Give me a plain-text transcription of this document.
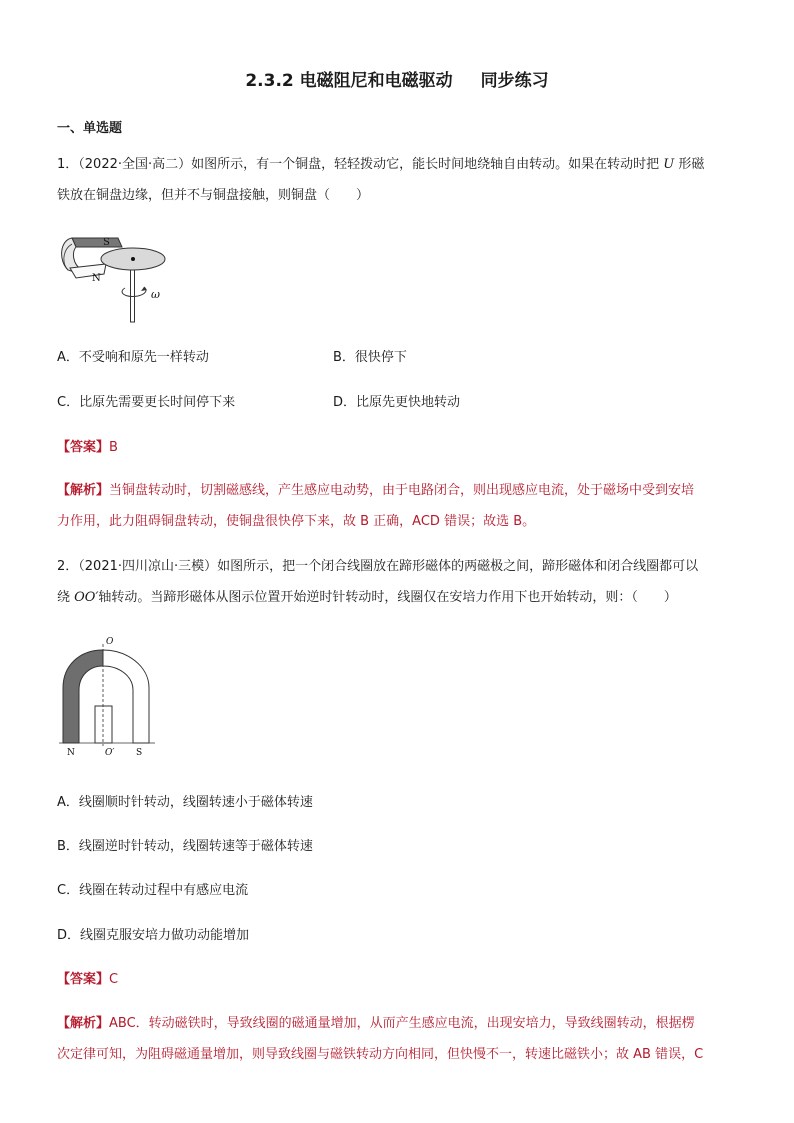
2.3.2 电磁阻尼和电磁驱动 同步练习
一、单选题
1．（2022·全国·高二）如图所示，有一个铜盘，轻轻拨动它，能长时间地绕轴自由转动。如果在转动时把 U 形磁
铁放在铜盘边缘，但并不与铜盘接触，则铜盘（　　）
S
N
ω
A．不受响和原先一样转动	B．很快停下
C．比原先需要更长时间停下来	D．比原先更快地转动
【答案】B
【解析】当铜盘转动时，切割磁感线，产生感应电动势，由于电路闭合，则出现感应电流，处于磁场中受到安培
力作用，此力阻碍铜盘转动，使铜盘很快停下来，故 B 正确，ACD 错误；故选 B。
2．（2021·四川凉山·三模）如图所示，把一个闭合线圈放在蹄形磁体的两磁极之间，蹄形磁体和闭合线圈都可以
绕 OO′轴转动。当蹄形磁体从图示位置开始逆时针转动时，线圈仅在安培力作用下也开始转动，则：（　　）
O
N	O′ S
A．线圈顺时针转动，线圈转速小于磁体转速
B．线圈逆时针转动，线圈转速等于磁体转速
C．线圈在转动过程中有感应电流
D．线圈克服安培力做功动能增加
【答案】C
【解析】ABC．转动磁铁时，导致线圈的磁通量增加，从而产生感应电流，出现安培力，导致线圈转动，根据楞
次定律可知，为阻碍磁通量增加，则导致线圈与磁铁转动方向相同，但快慢不一，转速比磁铁小；故 AB 错误，C
